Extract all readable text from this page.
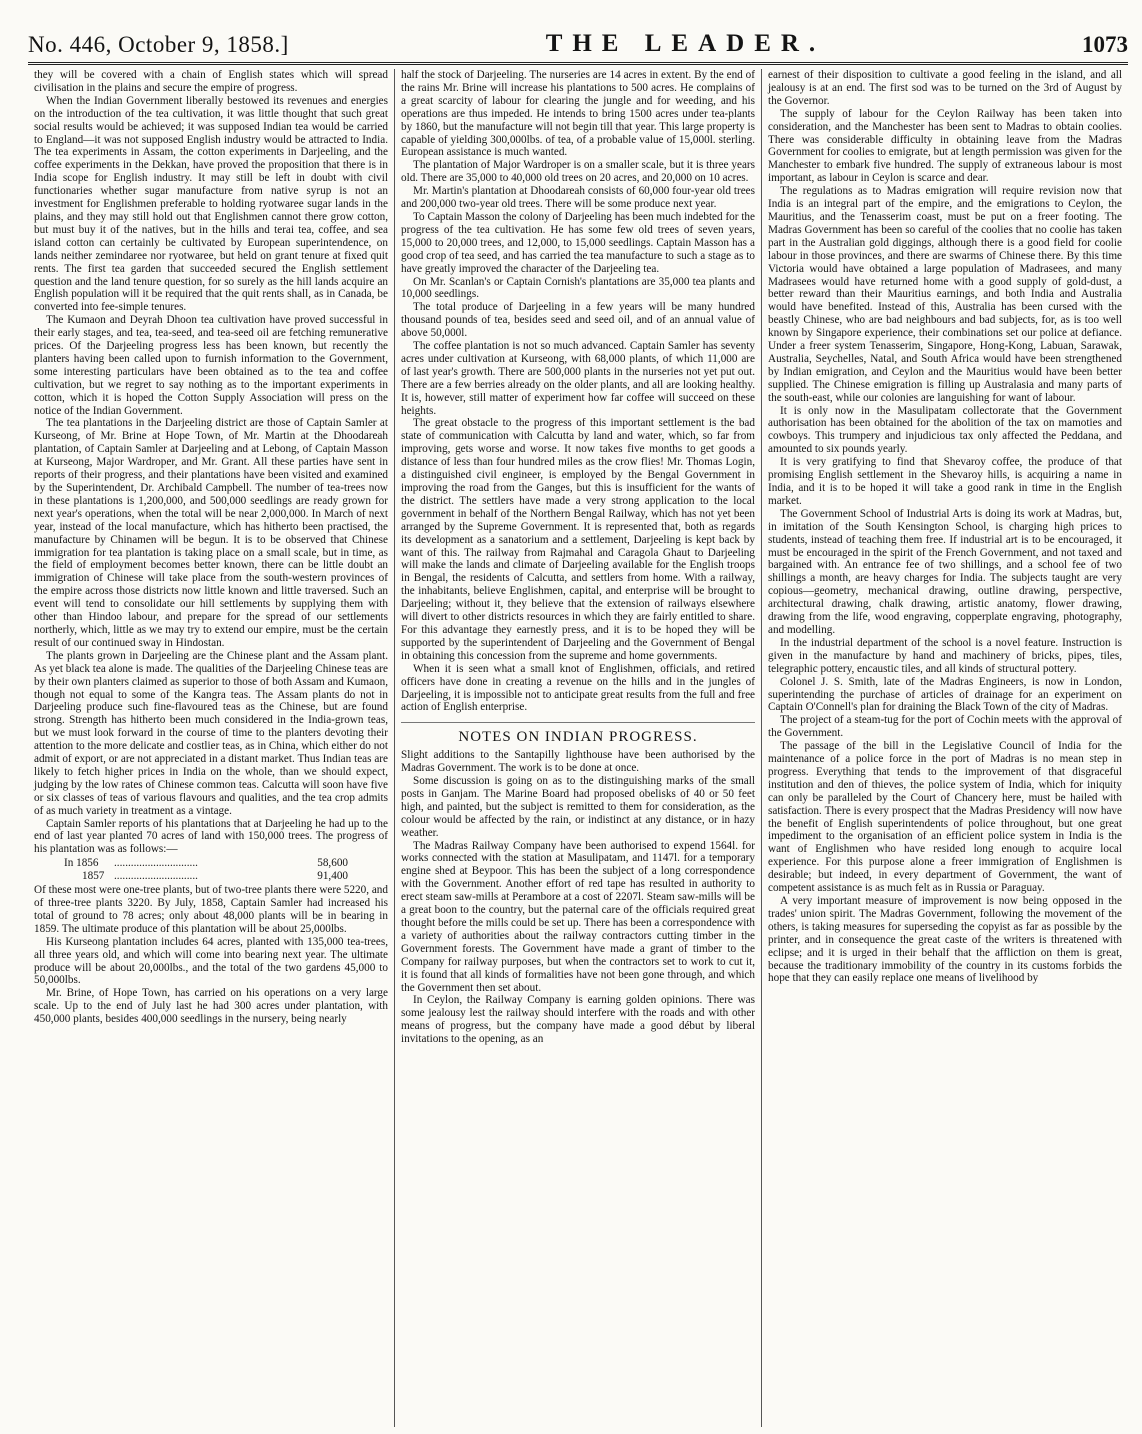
No. 446, October 9, 1858.]	THE LEADER.	1073

they will be covered with a chain of English states which will spread civilisation in the plains and secure the empire of progress.

When the Indian Government liberally bestowed its revenues and energies on the introduction of the tea cultivation, it was little thought that such great social results would be achieved; it was supposed Indian tea would be carried to England—it was not supposed English industry would be attracted to India. The tea experiments in Assam, the cotton experiments in Darjeeling, and the coffee experiments in the Dekkan, have proved the proposition that there is in India scope for English industry. It may still be left in doubt with civil functionaries whether sugar manufacture from native syrup is not an investment for Englishmen preferable to holding ryotwaree sugar lands in the plains, and they may still hold out that Englishmen cannot there grow cotton, but must buy it of the natives, but in the hills and terai tea, coffee, and sea island cotton can certainly be cultivated by European superintendence, on lands neither zemindaree nor ryotwaree, but held on grant tenure at fixed quit rents. The first tea garden that succeeded secured the English settlement question and the land tenure question, for so surely as the hill lands acquire an English population will it be required that the quit rents shall, as in Canada, be converted into fee-simple tenures.

The Kumaon and Deyrah Dhoon tea cultivation have proved successful in their early stages, and tea, tea-seed, and tea-seed oil are fetching remunerative prices. Of the Darjeeling progress less has been known, but recently the planters having been called upon to furnish information to the Government, some interesting particulars have been obtained as to the tea and coffee cultivation, but we regret to say nothing as to the important experiments in cotton, which it is hoped the Cotton Supply Association will press on the notice of the Indian Government.

The tea plantations in the Darjeeling district are those of Captain Samler at Kurseong, of Mr. Brine at Hope Town, of Mr. Martin at the Dhoodareah plantation, of Captain Samler at Darjeeling and at Lebong, of Captain Masson at Kurseong, Major Wardroper, and Mr. Grant. All these parties have sent in reports of their progress, and their plantations have been visited and examined by the Superintendent, Dr. Archibald Campbell. The number of tea-trees now in these plantations is 1,200,000, and 500,000 seedlings are ready grown for next year's operations, when the total will be near 2,000,000. In March of next year, instead of the local manufacture, which has hitherto been practised, the manufacture by Chinamen will be begun. It is to be observed that Chinese immigration for tea plantation is taking place on a small scale, but in time, as the field of employment becomes better known, there can be little doubt an immigration of Chinese will take place from the south-western provinces of the empire across those districts now little known and little traversed. Such an event will tend to consolidate our hill settlements by supplying them with other than Hindoo labour, and prepare for the spread of our settlements northerly, which, little as we may try to extend our empire, must be the certain result of our continued sway in Hindostan.

The plants grown in Darjeeling are the Chinese plant and the Assam plant. As yet black tea alone is made. The qualities of the Darjeeling Chinese teas are by their own planters claimed as superior to those of both Assam and Kumaon, though not equal to some of the Kangra teas. The Assam plants do not in Darjeeling produce such fine-flavoured teas as the Chinese, but are found strong. Strength has hitherto been much considered in the India-grown teas, but we must look forward in the course of time to the planters devoting their attention to the more delicate and costlier teas, as in China, which either do not admit of export, or are not appreciated in a distant market. Thus Indian teas are likely to fetch higher prices in India on the whole, than we should expect, judging by the low rates of Chinese common teas. Calcutta will soon have five or six classes of teas of various flavours and qualities, and the tea crop admits of as much variety in treatment as a vintage.

Captain Samler reports of his plantations that at Darjeeling he had up to the end of last year planted 70 acres of land with 150,000 trees. The progress of his plantation was as follows:—

In 1856	..............................	58,600
1857 ..............................	91,400

Of these most were one-tree plants, but of two-tree plants there were 5220, and of three-tree plants 3220. By July, 1858, Captain Samler had increased his total of ground to 78 acres; only about 48,000 plants will be in bearing in 1859. The ultimate produce of this plantation will be about 25,000lbs.

His Kurseong plantation includes 64 acres, planted with 135,000 tea-trees, all three years old, and which will come into bearing next year. The ultimate produce will be about 20,000lbs., and the total of the two gardens 45,000 to 50,000lbs.

Mr. Brine, of Hope Town, has carried on his operations on a very large scale. Up to the end of July last he had 300 acres under plantation, with 450,000 plants, besides 400,000 seedlings in the nursery, being nearly

half the stock of Darjeeling. The nurseries are 14 acres in extent. By the end of the rains Mr. Brine will increase his plantations to 500 acres. He complains of a great scarcity of labour for clearing the jungle and for weeding, and his operations are thus impeded. He intends to bring 1500 acres under tea-plants by 1860, but the manufacture will not begin till that year. This large property is capable of yielding 300,000lbs. of tea, of a probable value of 15,000l. sterling. European assistance is much wanted.

The plantation of Major Wardroper is on a smaller scale, but it is three years old. There are 35,000 to 40,000 old trees on 20 acres, and 20,000 on 10 acres.

Mr. Martin's plantation at Dhoodareah consists of 60,000 four-year old trees and 200,000 two-year old trees. There will be some produce next year.

To Captain Masson the colony of Darjeeling has been much indebted for the progress of the tea cultivation. He has some few old trees of seven years, 15,000 to 20,000 trees, and 12,000, to 15,000 seedlings. Captain Masson has a good crop of tea seed, and has carried the tea manufacture to such a stage as to have greatly improved the character of the Darjeeling tea.

On Mr. Scanlan's or Captain Cornish's plantations are 35,000 tea plants and 10,000 seedlings.

The total produce of Darjeeling in a few years will be many hundred thousand pounds of tea, besides seed and seed oil, and of an annual value of above 50,000l.

The coffee plantation is not so much advanced. Captain Samler has seventy acres under cultivation at Kurseong, with 68,000 plants, of which 11,000 are of last year's growth. There are 500,000 plants in the nurseries not yet put out. There are a few berries already on the older plants, and all are looking healthy. It is, however, still matter of experiment how far coffee will succeed on these heights.

The great obstacle to the progress of this important settlement is the bad state of communication with Calcutta by land and water, which, so far from improving, gets worse and worse. It now takes five months to get goods a distance of less than four hundred miles as the crow flies! Mr. Thomas Login, a distinguished civil engineer, is employed by the Bengal Government in improving the road from the Ganges, but this is insufficient for the wants of the district. The settlers have made a very strong application to the local government in behalf of the Northern Bengal Railway, which has not yet been arranged by the Supreme Government. It is represented that, both as regards its development as a sanatorium and a settlement, Darjeeling is kept back by want of this. The railway from Rajmahal and Caragola Ghaut to Darjeeling will make the lands and climate of Darjeeling available for the English troops in Bengal, the residents of Calcutta, and settlers from home. With a railway, the inhabitants, believe Englishmen, capital, and enterprise will be brought to Darjeeling; without it, they believe that the extension of railways elsewhere will divert to other districts resources in which they are fairly entitled to share. For this advantage they earnestly press, and it is to be hoped they will be supported by the superintendent of Darjeeling and the Government of Bengal in obtaining this concession from the supreme and home governments.

When it is seen what a small knot of Englishmen, officials, and retired officers have done in creating a revenue on the hills and in the jungles of Darjeeling, it is impossible not to anticipate great results from the full and free action of English enterprise.

NOTES ON INDIAN PROGRESS.

Slight additions to the Santapilly lighthouse have been authorised by the Madras Government. The work is to be done at once.

Some discussion is going on as to the distinguishing marks of the small posts in Ganjam. The Marine Board had proposed obelisks of 40 or 50 feet high, and painted, but the subject is remitted to them for consideration, as the colour would be affected by the rain, or indistinct at any distance, or in hazy weather.

The Madras Railway Company have been authorised to expend 1564l. for works connected with the station at Masulipatam, and 1147l. for a temporary engine shed at Beypoor. This has been the subject of a long correspondence with the Government. Another effort of red tape has resulted in authority to erect steam saw-mills at Perambore at a cost of 2207l. Steam saw-mills will be a great boon to the country, but the paternal care of the officials required great thought before the mills could be set up. There has been a correspondence with a variety of authorities about the railway contractors cutting timber in the Government forests. The Government have made a grant of timber to the Company for railway purposes, but when the contractors set to work to cut it, it is found that all kinds of formalities have not been gone through, and which the Government then set about.

In Ceylon, the Railway Company is earning golden opinions. There was some jealousy lest the railway should interfere with the roads and with other means of progress, but the company have made a good début by liberal invitations to the opening, as an

earnest of their disposition to cultivate a good feeling in the island, and all jealousy is at an end. The first sod was to be turned on the 3rd of August by the Governor.

The supply of labour for the Ceylon Railway has been taken into consideration, and the Manchester has been sent to Madras to obtain coolies. There was considerable difficulty in obtaining leave from the Madras Government for coolies to emigrate, but at length permission was given for the Manchester to embark five hundred. The supply of extraneous labour is most important, as labour in Ceylon is scarce and dear.

The regulations as to Madras emigration will require revision now that India is an integral part of the empire, and the emigrations to Ceylon, the Mauritius, and the Tenasserim coast, must be put on a freer footing. The Madras Government has been so careful of the coolies that no coolie has taken part in the Australian gold diggings, although there is a good field for coolie labour in those provinces, and there are swarms of Chinese there. By this time Victoria would have obtained a large population of Madrasees, and many Madrasees would have returned home with a good supply of gold-dust, a better reward than their Mauritius earnings, and both India and Australia would have benefited. Instead of this, Australia has been cursed with the beastly Chinese, who are bad neighbours and bad subjects, for, as is too well known by Singapore experience, their combinations set our police at defiance. Under a freer system Tenasserim, Singapore, Hong-Kong, Labuan, Sarawak, Australia, Seychelles, Natal, and South Africa would have been strengthened by Indian emigration, and Ceylon and the Mauritius would have been better supplied. The Chinese emigration is filling up Australasia and many parts of the south-east, while our colonies are languishing for want of labour.

It is only now in the Masulipatam collectorate that the Government authorisation has been obtained for the abolition of the tax on mamoties and cowboys. This trumpery and injudicious tax only affected the Peddana, and amounted to six pounds yearly.

It is very gratifying to find that Shevaroy coffee, the produce of that promising English settlement in the Shevaroy hills, is acquiring a name in India, and it is to be hoped it will take a good rank in time in the English market.

The Government School of Industrial Arts is doing its work at Madras, but, in imitation of the South Kensington School, is charging high prices to students, instead of teaching them free. If industrial art is to be encouraged, it must be encouraged in the spirit of the French Government, and not taxed and bargained with. An entrance fee of two shillings, and a school fee of two shillings a month, are heavy charges for India. The subjects taught are very copious—geometry, mechanical drawing, outline drawing, perspective, architectural drawing, chalk drawing, artistic anatomy, flower drawing, drawing from the life, wood engraving, copperplate engraving, photography, and modelling.

In the industrial department of the school is a novel feature. Instruction is given in the manufacture by hand and machinery of bricks, pipes, tiles, telegraphic pottery, encaustic tiles, and all kinds of structural pottery.

Colonel J. S. Smith, late of the Madras Engineers, is now in London, superintending the purchase of articles of drainage for an experiment on Captain O'Connell's plan for draining the Black Town of the city of Madras.

The project of a steam-tug for the port of Cochin meets with the approval of the Government.

The passage of the bill in the Legislative Council of India for the maintenance of a police force in the port of Madras is no mean step in progress. Everything that tends to the improvement of that disgraceful institution and den of thieves, the police system of India, which for iniquity can only be paralleled by the Court of Chancery here, must be hailed with satisfaction. There is every prospect that the Madras Presidency will now have the benefit of English superintendents of police throughout, but one great impediment to the organisation of an efficient police system in India is the want of Englishmen who have resided long enough to acquire local experience. For this purpose alone a freer immigration of Englishmen is desirable; but indeed, in every department of Government, the want of competent assistance is as much felt as in Russia or Paraguay.

A very important measure of improvement is now being opposed in the trades' union spirit. The Madras Government, following the movement of the others, is taking measures for superseding the copyist as far as possible by the printer, and in consequence the great caste of the writers is threatened with eclipse; and it is urged in their behalf that the affliction on them is great, because the traditionary immobility of the country in its customs forbids the hope that they can easily replace one means of livelihood by
